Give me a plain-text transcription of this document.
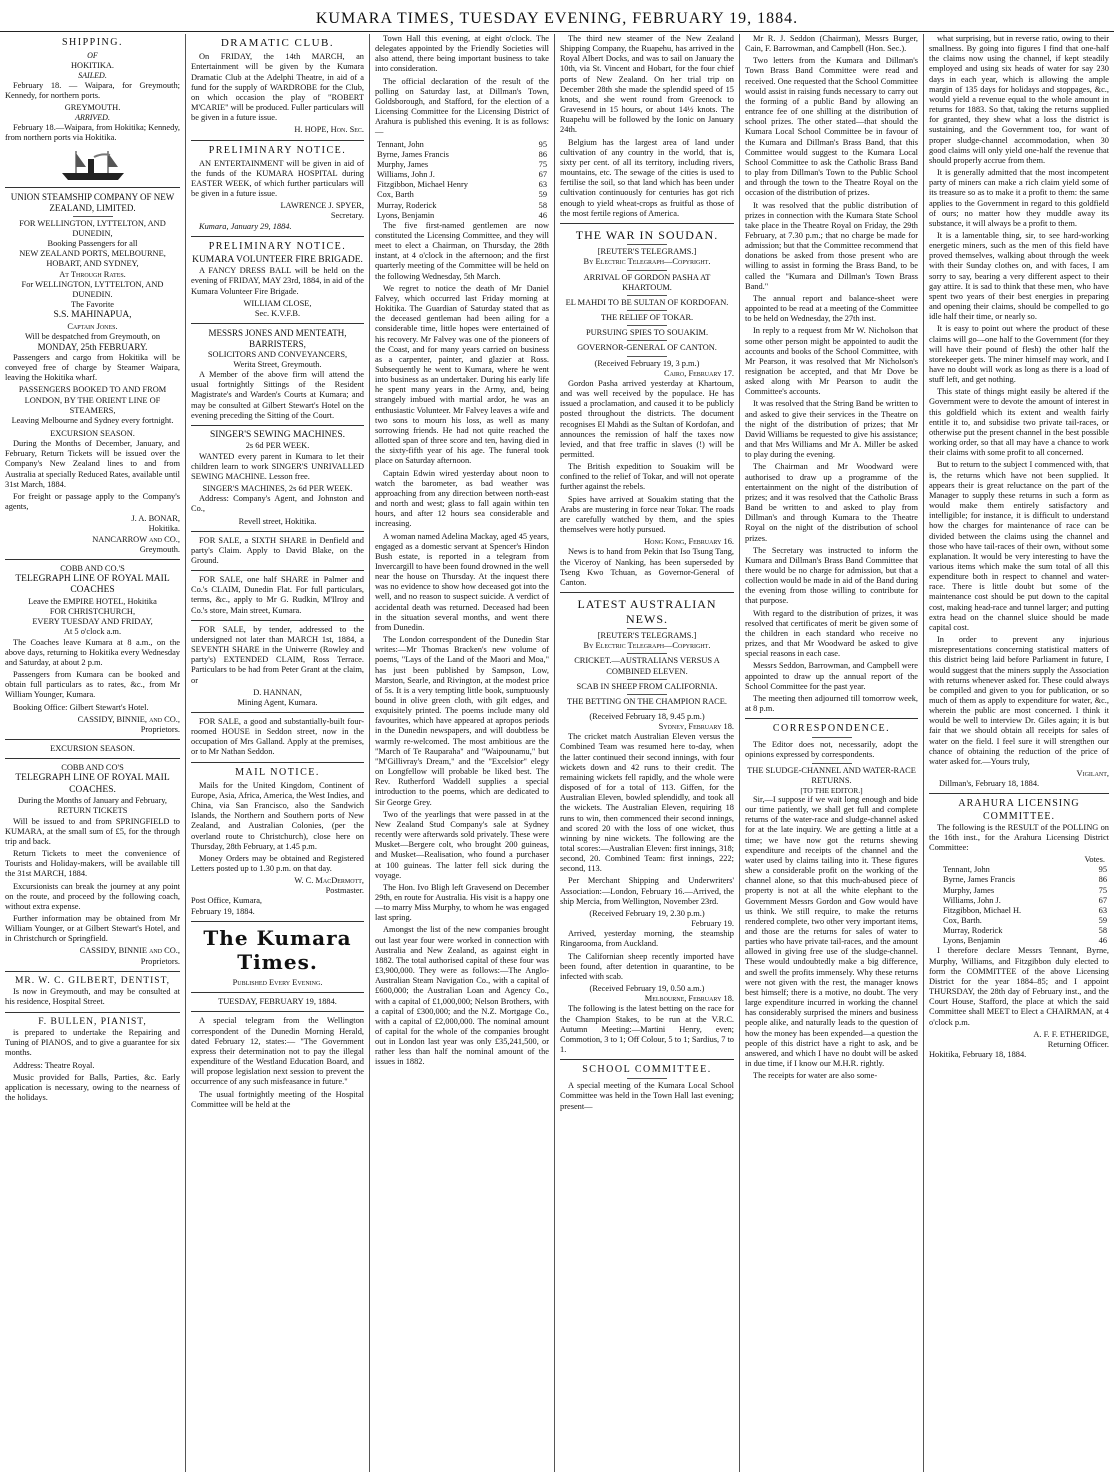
KUMARA TIMES, TUESDAY EVENING, FEBRUARY 19, 1884.
SHIPPING.
OF
HOKITIKA.
SAILED.

February 18. — Waipara, for Greymouth; Kennedy, for northern ports.

GREYMOUTH.
ARRIVED.

February 18.—Waipara, from Hokitika; Kennedy, from northern ports via Hokitika.

UNION STEAMSHIP COMPANY OF NEW ZEALAND, LIMITED.
FOR WELLINGTON, LYTTELTON, AND DUNEDIN,
Booking Passengers for all
NEW ZEALAND PORTS, MELBOURNE, HOBART, AND SYDNEY,
At Through Rates.
For WELLINGTON, LYTTELTON, AND DUNEDIN.
The Favorite
S.S. MAHINAPUA,
Captain Jones.
Will be despatched from Greymouth, on
MONDAY, 25th FEBRUARY.

Passengers and cargo from Hokitika will be conveyed free of charge by Steamer Waipara, leaving the Hokitika wharf.

PASSENGERS BOOKED TO AND FROM LONDON, BY THE ORIENT LINE OF STEAMERS,
Leaving Melbourne and Sydney every fortnight.
EXCURSION SEASON.

During the Months of December, January, and February, Return Tickets will be issued over the Company's New Zealand lines to and from Australia at specially Reduced Rates, available until 31st March, 1884.

For freight or passage apply to the Company's agents,

J. A. BONAR,
Hokitika.
NANCARROW and CO.,
Greymouth.
COBB AND CO.'S
TELEGRAPH LINE OF ROYAL MAIL COACHES
Leave the EMPIRE HOTEL, Hokitika
FOR CHRISTCHURCH,
EVERY TUESDAY AND FRIDAY,
At 5 o'clock a.m.

The Coaches leave Kumara at 8 a.m., on the above days, returning to Hokitika every Wednesday and Saturday, at about 2 p.m.

Passengers from Kumara can be booked and obtain full particulars as to rates, &c., from Mr William Younger, Kumara.

Booking Office: Gilbert Stewart's Hotel.

CASSIDY, BINNIE, and CO.,
Proprietors.
EXCURSION SEASON.
COBB AND CO'S
TELEGRAPH LINE OF ROYAL MAIL COACHES.
During the Months of January and February,
RETURN TICKETS

Will be issued to and from SPRINGFIELD to KUMARA, at the small sum of £5, for the through trip and back.

Return Tickets to meet the convenience of Tourists and Holiday-makers, will be available till the 31st MARCH, 1884.

Excursionists can break the journey at any point on the route, and proceed by the following coach, without extra expense.

Further information may be obtained from Mr William Younger, or at Gilbert Stewart's Hotel, and in Christchurch or Springfield.

CASSIDY, BINNIE and CO.,
Proprietors.
MR. W. C. GILBERT, DENTIST,

Is now in Greymouth, and may be consulted at his residence, Hospital Street.

F. BULLEN, PIANIST,

is prepared to undertake the Repairing and Tuning of PIANOS, and to give a guarantee for six months.

Address: Theatre Royal.

Music provided for Balls, Parties, &c. Early application is necessary, owing to the nearness of the holidays.

DRAMATIC CLUB.

On FRIDAY, the 14th MARCH, an Entertainment will be given by the Kumara Dramatic Club at the Adelphi Theatre, in aid of a fund for the supply of WARDROBE for the Club, on which occasion the play of "ROBERT M'CARIE" will be produced. Fuller particulars will be given in a future issue.

H. HOPE, Hon. Sec.
PRELIMINARY NOTICE.

AN ENTERTAINMENT will be given in aid of the funds of the KUMARA HOSPITAL during EASTER WEEK, of which further particulars will be given in a future issue.

LAWRENCE J. SPYER,
Secretary.

Kumara, January 29, 1884.

PRELIMINARY NOTICE.
KUMARA VOLUNTEER FIRE BRIGADE.

A FANCY DRESS BALL will be held on the evening of FRIDAY, MAY 23rd, 1884, in aid of the Kumara Volunteer Fire Brigade.

WILLIAM CLOSE,
Sec. K.V.F.B.
MESSRS JONES AND MENTEATH, BARRISTERS,
SOLICITORS AND CONVEYANCERS,
Werita Street, Greymouth.

A Member of the above firm will attend the usual fortnightly Sittings of the Resident Magistrate's and Warden's Courts at Kumara; and may be consulted at Gilbert Stewart's Hotel on the evening preceding the Sitting of the Court.

SINGER'S SEWING MACHINES.
2s 6d PER WEEK.

WANTED every parent in Kumara to let their children learn to work SINGER'S UNRIVALLED SEWING MACHINE. Lesson free.

SINGER'S MACHINES, 2s 6d PER WEEK.

Address: Company's Agent, and Johnston and Co.,

Revell street, Hokitika.

FOR SALE, a SIXTH SHARE in Denfield and party's Claim. Apply to David Blake, on the Ground.

FOR SALE, one half SHARE in Palmer and Co.'s CLAIM, Dunedin Flat. For full particulars, terms, &c., apply to Mr G. Rudkin, M'Ilroy and Co.'s store, Main street, Kumara.

FOR SALE, by tender, addressed to the undersigned not later than MARCH 1st, 1884, a SEVENTH SHARE in the Uniwerre (Rowley and party's) EXTENDED CLAIM, Ross Terrace. Particulars to be had from Peter Grant at the claim, or

D. HANNAN,
Mining Agent, Kumara.

FOR SALE, a good and substantially-built four-roomed HOUSE in Seddon street, now in the occupation of Mrs Galland. Apply at the premises, or to Mr Nathan Seddon.

MAIL NOTICE.

Mails for the United Kingdom, Continent of Europe, Asia, Africa, America, the West Indies, and China, via San Francisco, also the Sandwich Islands, the Northern and Southern ports of New Zealand, and Australian Colonies, (per the overland route to Christchurch), close here on Thursday, 28th February, at 1.45 p.m.

Money Orders may be obtained and Registered Letters posted up to 1.30 p.m. on that day.

W. C. MacDermott,
Postmaster.
Post Office, Kumara,
February 19, 1884.
The Kumara Times.
Published Every Evening.
TUESDAY, FEBRUARY 19, 1884.

A special telegram from the Wellington correspondent of the Dunedin Morning Herald, dated February 12, states:— "The Government express their determination not to pay the illegal expenditure of the Westland Education Board, and will propose legislation next session to prevent the occurrence of any such misfeasance in future."

The usual fortnightly meeting of the Hospital Committee will be held at the

Town Hall this evening, at eight o'clock. The delegates appointed by the Friendly Societies will also attend, there being important business to take into consideration.

The official declaration of the result of the polling on Saturday last, at Dillman's Town, Goldsborough, and Stafford, for the election of a Licensing Committee for the Licensing District of Arahura is published this evening. It is as follows:—

Tennant, John	95
Byrne, James Francis	86
Murphy, James	75
Williams, John J.	67
Fitzgibbon, Michael Henry	63
Cox, Barth	59
Murray, Roderick	58
Lyons, Benjamin	46

The five first-named gentlemen are now constituted the Licensing Committee, and they will meet to elect a Chairman, on Thursday, the 28th instant, at 4 o'clock in the afternoon; and the first quarterly meeting of the Committee will be held on the following Wednesday, 5th March.

We regret to notice the death of Mr Daniel Falvey, which occurred last Friday morning at Hokitika. The Guardian of Saturday stated that as the deceased gentleman had been ailing for a considerable time, little hopes were entertained of his recovery. Mr Falvey was one of the pioneers of the Coast, and for many years carried on business as a carpenter, painter, and glazier at Ross. Subsequently he went to Kumara, where he went into business as an undertaker. During his early life he spent many years in the Army, and, being strangely imbued with martial ardor, he was an enthusiastic Volunteer. Mr Falvey leaves a wife and two sons to mourn his loss, as well as many sorrowing friends. He had not quite reached the allotted span of three score and ten, having died in the sixty-fifth year of his age. The funeral took place on Saturday afternoon.

Captain Edwin wired yesterday about noon to watch the barometer, as bad weather was approaching from any direction between north-east and north and west; glass to fall again within ten hours, and after 12 hours sea considerable and increasing.

A woman named Adelina Mackay, aged 45 years, engaged as a domestic servant at Spencer's Hindon Bush estate, is reported in a telegram from Invercargill to have been found drowned in the well near the house on Thursday. At the inquest there was no evidence to show how deceased got into the well, and no reason to suspect suicide. A verdict of accidental death was returned. Deceased had been in the situation several months, and went there from Dunedin.

The London correspondent of the Dunedin Star writes:—Mr Thomas Bracken's new volume of poems, "Lays of the Land of the Maori and Moa," has just been published by Sampson, Low, Marston, Searle, and Rivington, at the modest price of 5s. It is a very tempting little book, sumptuously bound in olive green cloth, with gilt edges, and exquisitely printed. The poems include many old favourites, which have appeared at apropos periods in the Dunedin newspapers, and will doubtless be warmly re-welcomed. The most ambitious are the "March of Te Rauparaha" and "Waipounamu," but "M'Gillivray's Dream," and the "Excelsior" elegy on Longfellow will probable be liked best. The Rev. Rutherford Waddell supplies a special introduction to the poems, which are dedicated to Sir George Grey.

Two of the yearlings that were passed in at the New Zealand Stud Company's sale at Sydney recently were afterwards sold privately. These were Musket—Bergere colt, who brought 200 guineas, and Musket—Realisation, who found a purchaser at 100 guineas. The latter fell sick during the voyage.

The Hon. Ivo Bligh left Gravesend on December 29th, en route for Australia. His visit is a happy one—to marry Miss Murphy, to whom he was engaged last spring.

Amongst the list of the new companies brought out last year four were worked in connection with Australia and New Zealand, as against eight in 1882. The total authorised capital of these four was £3,900,000. They were as follows:—The Anglo-Australian Steam Navigation Co., with a capital of £600,000; the Australian Loan and Agency Co., with a capital of £1,000,000; Nelson Brothers, with a capital of £300,000; and the N.Z. Mortgage Co., with a capital of £2,000,000. The nominal amount of capital for the whole of the companies brought out in London last year was only £35,241,500, or rather less than half the nominal amount of the issues in 1882.

The third new steamer of the New Zealand Shipping Company, the Ruapehu, has arrived in the Royal Albert Docks, and was to sail on January the 10th, via St. Vincent and Hobart, for the four chief ports of New Zealand. On her trial trip on December 28th she made the splendid speed of 15 knots, and she went round from Greenock to Gravesend in 15 hours, or about 14½ knots. The Ruapehu will be followed by the Ionic on January 24th.

Belgium has the largest area of land under cultivation of any country in the world, that is, sixty per cent. of all its territory, including rivers, mountains, etc. The sewage of the cities is used to fertilise the soil, so that land which has been under cultivation continuously for centuries has got rich enough to yield wheat-crops as fruitful as those of the most fertile regions of America.

THE WAR IN SOUDAN.
[REUTER'S TELEGRAMS.]
By Electric Telegraph—Copyright.
ARRIVAL OF GORDON PASHA AT KHARTOUM.
EL MAHDI TO BE SULTAN OF KORDOFAN.
THE RELIEF OF TOKAR.
PURSUING SPIES TO SOUAKIM.
GOVERNOR-GENERAL OF CANTON.
(Received February 19, 3 p.m.)
Cairo, February 17.

Gordon Pasha arrived yesterday at Khartoum, and was well received by the populace. He has issued a proclamation, and caused it to be publicly posted throughout the districts. The document recognises El Mahdi as the Sultan of Kordofan, and announces the remission of half the taxes now levied, and that free traffic in slaves (!) will be permitted.

The British expedition to Souakim will be confined to the relief of Tokar, and will not operate further against the rebels.

Spies have arrived at Souakim stating that the Arabs are mustering in force near Tokar. The roads are carefully watched by them, and the spies themselves were hotly pursued.

Hong Kong, February 16.

News is to hand from Pekin that Iso Tsung Tang, the Viceroy of Nanking, has been superseded by Tseng Kwo Tchuan, as Governor-General of Canton.

LATEST AUSTRALIAN NEWS.
[REUTER'S TELEGRAMS.]
By Electric Telegraph—Copyright.
CRICKET.—AUSTRALIANS VERSUS A COMBINED ELEVEN.
SCAB IN SHEEP FROM CALIFORNIA.
THE BETTING ON THE CHAMPION RACE.
(Received February 18, 9.45 p.m.)
Sydney, February 18.

The cricket match Australian Eleven versus the Combined Team was resumed here to-day, when the latter continued their second innings, with four wickets down and 42 runs to their credit. The remaining wickets fell rapidly, and the whole were disposed of for a total of 113. Giffen, for the Australian Eleven, bowled splendidly, and took all the wickets. The Australian Eleven, requiring 18 runs to win, then commenced their second innings, and scored 20 with the loss of one wicket, thus winning by nine wickets. The following are the total scores:—Australian Eleven: first innings, 318; second, 20. Combined Team: first innings, 222; second, 113.

Per Merchant Shipping and Underwriters' Association:—London, February 16.—Arrived, the ship Mercia, from Wellington, November 23rd.

(Received February 19, 2.30 p.m.)
February 19.

Arrived, yesterday morning, the steamship Ringarooma, from Auckland.

The Californian sheep recently imported have been found, after detention in quarantine, to be infected with scab.

(Received February 19, 0.50 a.m.)
Melbourne, February 18.

The following is the latest betting on the race for the Champion Stakes, to be run at the V.R.C. Autumn Meeting:—Martini Henry, even; Commotion, 3 to 1; Off Colour, 5 to 1; Sardius, 7 to 1.

SCHOOL COMMITTEE.

A special meeting of the Kumara Local School Committee was held in the Town Hall last evening; present—

Mr R. J. Seddon (Chairman), Messrs Burger, Cain, F. Barrowman, and Campbell (Hon. Sec.).

Two letters from the Kumara and Dillman's Town Brass Band Committee were read and received. One requested that the School Committee would assist in raising funds necessary to carry out the forming of a public Band by allowing an entrance fee of one shilling at the distribution of school prizes. The other stated—that should the Kumara Local School Committee be in favour of the Kumara and Dillman's Brass Band, that this Committee would suggest to the Kumara Local School Committee to ask the Catholic Brass Band to play from Dillman's Town to the Public School and through the town to the Theatre Royal on the occasion of the distribution of prizes.

It was resolved that the public distribution of prizes in connection with the Kumara State School take place in the Theatre Royal on Friday, the 29th February, at 7.30 p.m.; that no charge be made for admission; but that the Committee recommend that donations be asked from those present who are willing to assist in forming the Brass Band, to be called the "Kumara and Dillman's Town Brass Band."

The annual report and balance-sheet were appointed to be read at a meeting of the Committee to be held on Wednesday, the 27th inst.

In reply to a request from Mr W. Nicholson that some other person might be appointed to audit the accounts and books of the School Committee, with Mr Pearson, it was resolved that Mr Nicholson's resignation be accepted, and that Mr Dove be asked along with Mr Pearson to audit the Committee's accounts.

It was resolved that the String Band be written to and asked to give their services in the Theatre on the night of the distribution of prizes; that Mr David Williams be requested to give his assistance; and that Mrs Williams and Mr A. Miller be asked to play during the evening.

The Chairman and Mr Woodward were authorised to draw up a programme of the entertainment on the night of the distribution of prizes; and it was resolved that the Catholic Brass Band be written to and asked to play from Dillman's and through Kumara to the Theatre Royal on the night of the distribution of school prizes.

The Secretary was instructed to inform the Kumara and Dillman's Brass Band Committee that there would be no charge for admission, but that a collection would be made in aid of the Band during the evening from those willing to contribute for that purpose.

With regard to the distribution of prizes, it was resolved that certificates of merit be given some of the children in each standard who receive no prizes, and that Mr Woodward be asked to give special reasons in each case.

Messrs Seddon, Barrowman, and Campbell were appointed to draw up the annual report of the School Committee for the past year.

The meeting then adjourned till tomorrow week, at 8 p.m.

CORRESPONDENCE.

The Editor does not, necessarily, adopt the opinions expressed by correspondents.

THE SLUDGE-CHANNEL AND WATER-RACE RETURNS.
[TO THE EDITOR.]

Sir,—I suppose if we wait long enough and bide our time patiently, we shall get full and complete returns of the water-race and sludge-channel asked for at the late inquiry. We are getting a little at a time; we have now got the returns shewing expenditure and receipts of the channel and the water used by claims tailing into it. These figures shew a considerable profit on the working of the channel alone, so that this much-abused piece of property is not at all the white elephant to the Government Messrs Gordon and Gow would have us think. We still require, to make the returns rendered complete, two other very important items, and those are the returns for sales of water to parties who have private tail-races, and the amount allowed in giving free use of the sludge-channel. These would undoubtedly make a big difference, and swell the profits immensely. Why these returns were not given with the rest, the manager knows best himself; there is a motive, no doubt. The very large expenditure incurred in working the channel has considerably surprised the miners and business people alike, and naturally leads to the question of how the money has been expended—a question the people of this district have a right to ask, and be answered, and which I have no doubt will be asked in due time, if I know our M.H.R. rightly.

The receipts for water are also some-

what surprising, but in reverse ratio, owing to their smallness. By going into figures I find that one-half the claims now using the channel, if kept steadily employed and using six heads of water for say 230 days in each year, which is allowing the ample margin of 135 days for holidays and stoppages, &c., would yield a revenue equal to the whole amount in returns for 1883. So that, taking the returns supplied for granted, they shew what a loss the district is sustaining, and the Government too, for want of proper sludge-channel accommodation, when 30 good claims will only yield one-half the revenue that should properly accrue from them.

It is generally admitted that the most incompetent party of miners can make a rich claim yield some of its treasure so as to make it a profit to them: the same applies to the Government in regard to this goldfield of ours; no matter how they muddle away its substance, it will always be a profit to them.

It is a lamentable thing, sir, to see hard-working energetic miners, such as the men of this field have proved themselves, walking about through the week with their Sunday clothes on, and with faces, I am sorry to say, bearing a very different aspect to their gay attire. It is sad to think that these men, who have spent two years of their best energies in preparing and opening their claims, should be compelled to go idle half their time, or nearly so.

It is easy to point out where the product of these claims will go—one half to the Government (for they will have their pound of flesh) the other half the storekeeper gets. The miner himself may work, and I have no doubt will work as long as there is a load of stuff left, and get nothing.

This state of things might easily be altered if the Government were to devote the amount of interest in this goldfield which its extent and wealth fairly entitle it to, and subsidise two private tail-races, or otherwise put the present channel in the best possible working order, so that all may have a chance to work their claims with some profit to all concerned.

But to return to the subject I commenced with, that is, the returns which have not been supplied. It appears their is great reluctance on the part of the Manager to supply these returns in such a form as would make them entirely satisfactory and intelligible; for instance, it is difficult to understand how the charges for maintenance of race can be divided between the claims using the channel and those who have tail-races of their own, without some explanation. It would be very interesting to have the various items which make the sum total of all this expenditure both in respect to channel and water-race. There is little doubt but some of the maintenance cost should be put down to the capital cost, making head-race and tunnel larger; and putting extra head on the channel sluice should be made capital cost.

In order to prevent any injurious misrepresentations concerning statistical matters of this district being laid before Parliament in future, I would suggest that the miners supply the Association with returns whenever asked for. These could always be compiled and given to you for publication, or so much of them as apply to expenditure for water, &c., wherein the public are most concerned. I think it would be well to interview Dr. Giles again; it is but fair that we should obtain all receipts for sales of water on the field. I feel sure it will strengthen our chance of obtaining the reduction of the price of water asked for.—Yours truly,

Vigilant,
Dillman's, February 18, 1884.
ARAHURA LICENSING COMMITTEE.

The following is the RESULT of the POLLING on the 16th inst., for the Arahura Licensing District Committee:

Votes.
Tennant, John	95
Byrne, James Francis	86
Murphy, James	75
Williams, John J.	67
Fitzgibbon, Michael H.	63
Cox, Barth.	59
Murray, Roderick	58
Lyons, Benjamin	46

I therefore declare Messrs Tennant, Byrne, Murphy, Williams, and Fitzgibbon duly elected to form the COMMITTEE of the above Licensing District for the year 1884–85; and I appoint THURSDAY, the 28th day of February inst., and the Court House, Stafford, the place at which the said Committee shall MEET to Elect a CHAIRMAN, at 4 o'clock p.m.

A. F. F. ETHERIDGE,
Returning Officer.
Hokitika, February 18, 1884.
